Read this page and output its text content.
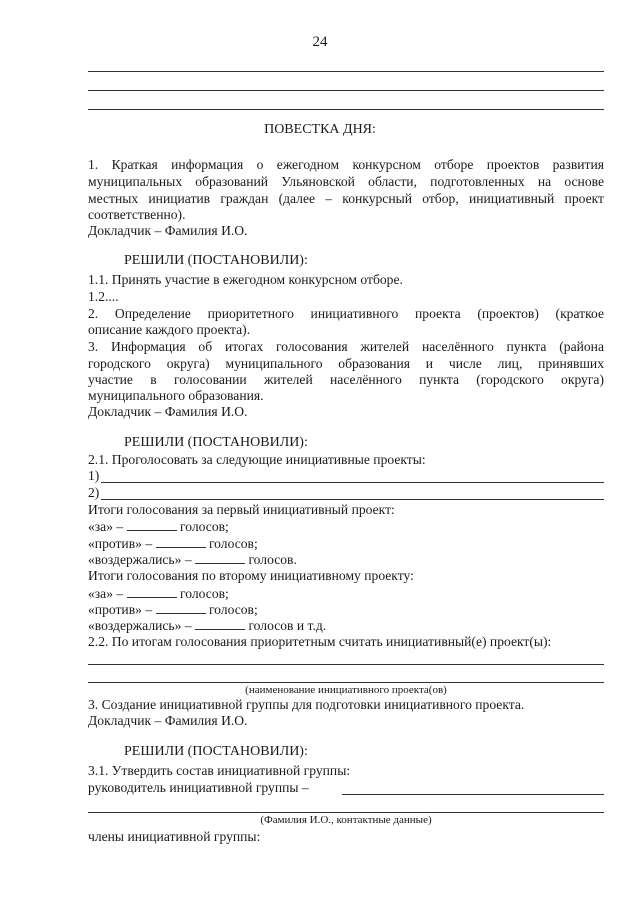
24
ПОВЕСТКА ДНЯ:
1. Краткая информация о ежегодном конкурсном отборе проектов развития
муниципальных образований Ульяновской области, подготовленных на основе
местных инициатив граждан (далее – конкурсный отбор, инициативный проект
соответственно).
Докладчик – Фамилия И.О.
РЕШИЛИ (ПОСТАНОВИЛИ):
1.1. Принять участие в ежегодном конкурсном отборе.
1.2....
2. Определение приоритетного инициативного проекта (проектов) (краткое
описание каждого проекта).
3. Информация об итогах голосования жителей населённого пункта (района
городского округа) муниципального образования и числе лиц, принявших
участие в голосовании жителей населённого пункта (городского округа)
муниципального образования.
Докладчик – Фамилия И.О.
РЕШИЛИ (ПОСТАНОВИЛИ):
2.1. Проголосовать за следующие инициативные проекты:
1)
2)
Итоги голосования за первый инициативный проект:
«за» –	голосов;
«против» –	голосов;
«воздержались» –	голосов.
Итоги голосования по второму инициативному проекту:
«за» –	голосов;
«против» –	голосов;
«воздержались» –	голосов и т.д.
2.2. По итогам голосования приоритетным считать инициативный(е) проект(ы):
(наименование инициативного проекта(ов)
3. Создание инициативной группы для подготовки инициативного проекта.
Докладчик – Фамилия И.О.
РЕШИЛИ (ПОСТАНОВИЛИ):
3.1. Утвердить состав инициативной группы:
руководитель инициативной группы –
(Фамилия И.О., контактные данные)
члены инициативной группы:
